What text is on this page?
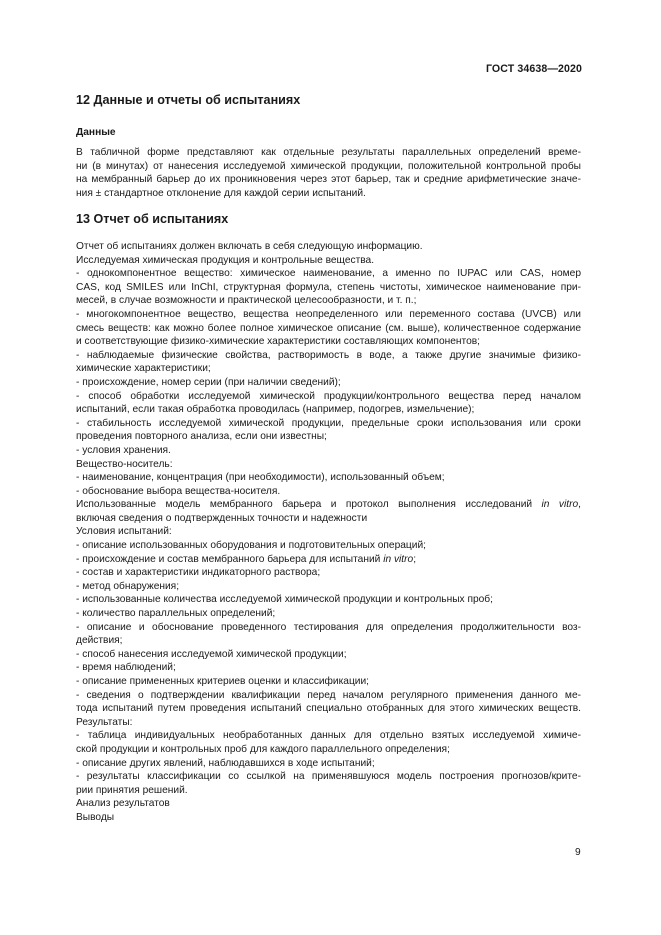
ГОСТ 34638—2020
12 Данные и отчеты об испытаниях
Данные
В табличной форме представляют как отдельные результаты параллельных определений време-
ни (в минутах) от нанесения исследуемой химической продукции, положительной контрольной пробы
на мембранный барьер до их проникновения через этот барьер, так и средние арифметические значе-
ния ± стандартное отклонение для каждой серии испытаний.
13 Отчет об испытаниях
Отчет об испытаниях должен включать в себя следующую информацию.
Исследуемая химическая продукция и контрольные вещества.
- однокомпонентное вещество: химическое наименование, а именно по IUPAC или CAS, номер
CAS, код SMILES или InChI, структурная формула, степень чистоты, химическое наименование при-
месей, в случае возможности и практической целесообразности, и т. п.;
- многокомпонентное вещество, вещества неопределенного или переменного состава (UVCB) или
смесь веществ: как можно более полное химическое описание (см. выше), количественное содержание
и соответствующие физико-химические характеристики составляющих компонентов;
- наблюдаемые физические свойства, растворимость в воде, а также другие значимые физико-
химические характеристики;
- происхождение, номер серии (при наличии сведений);
- способ обработки исследуемой химической продукции/контрольного вещества перед началом
испытаний, если такая обработка проводилась (например, подогрев, измельчение);
- стабильность исследуемой химической продукции, предельные сроки использования или сроки
проведения повторного анализа, если они известны;
- условия хранения.
Вещество-носитель:
- наименование, концентрация (при необходимости), использованный объем;
- обоснование выбора вещества-носителя.
Использованные модель мембранного барьера и протокол выполнения исследований in vitro,
включая сведения о подтвержденных точности и надежности
Условия испытаний:
- описание использованных оборудования и подготовительных операций;
- происхождение и состав мембранного барьера для испытаний in vitro;
- состав и характеристики индикаторного раствора;
- метод обнаружения;
- использованные количества исследуемой химической продукции и контрольных проб;
- количество параллельных определений;
- описание и обоснование проведенного тестирования для определения продолжительности воз-
действия;
- способ нанесения исследуемой химической продукции;
- время наблюдений;
- описание примененных критериев оценки и классификации;
- сведения о подтверждении квалификации перед началом регулярного применения данного ме-
тода испытаний путем проведения испытаний специально отобранных для этого химических веществ.
Результаты:
- таблица индивидуальных необработанных данных для отдельно взятых исследуемой химиче-
ской продукции и контрольных проб для каждого параллельного определения;
- описание других явлений, наблюдавшихся в ходе испытаний;
- результаты классификации со ссылкой на применявшуюся модель построения прогнозов/крите-
рии принятия решений.
Анализ результатов
Выводы
9
